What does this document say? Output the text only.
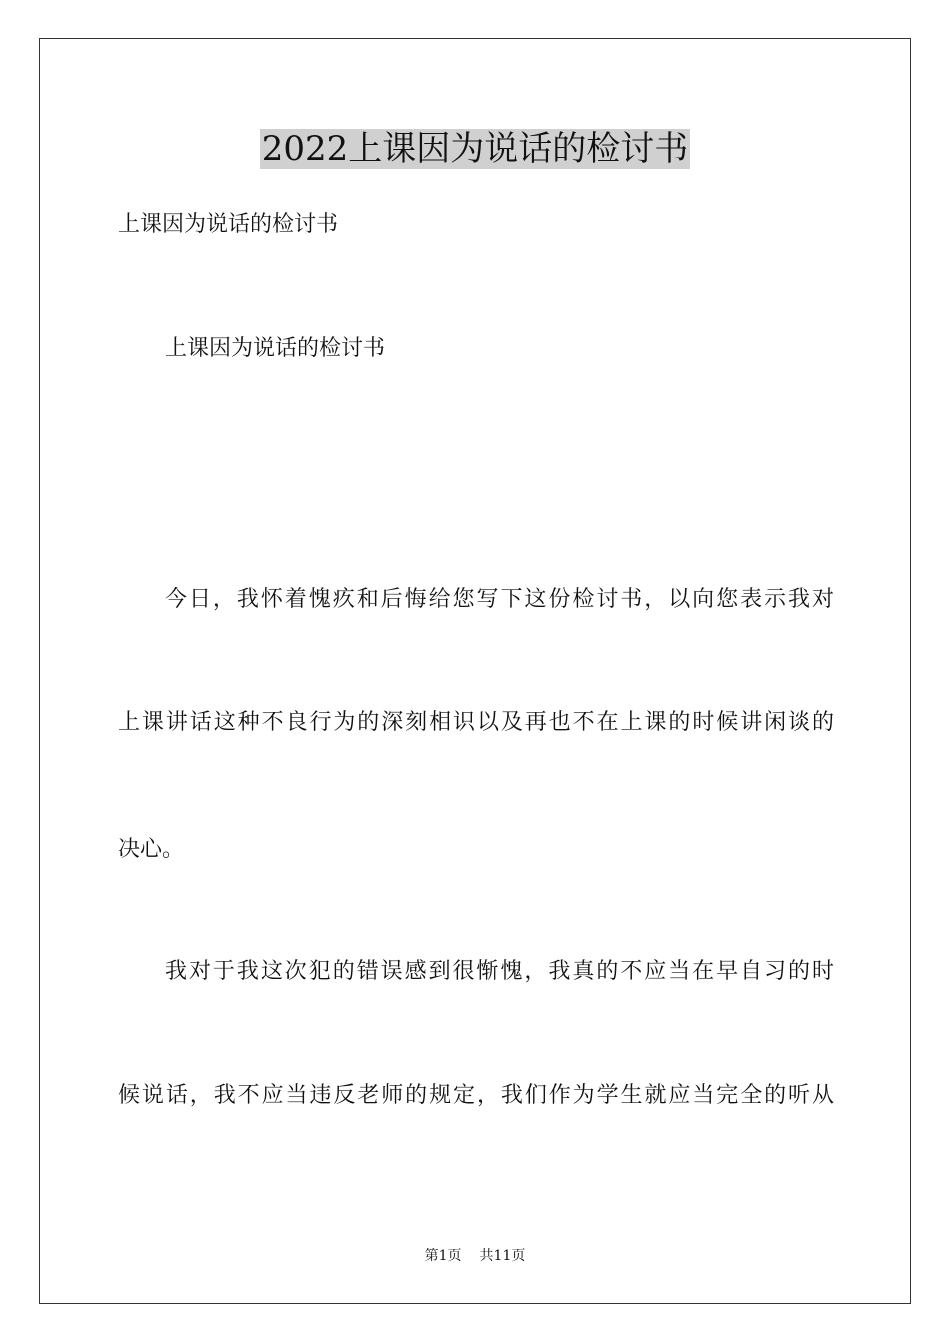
2022上课因为说话的检讨书

上课因为说话的检讨书

上课因为说话的检讨书

今日，我怀着愧疚和后悔给您写下这份检讨书，以向您表示我对

上课讲话这种不良行为的深刻相识以及再也不在上课的时候讲闲谈的

决心。

我对于我这次犯的错误感到很惭愧，我真的不应当在早自习的时

候说话，我不应当违反老师的规定，我们作为学生就应当完全的听从

第1页 共11页
